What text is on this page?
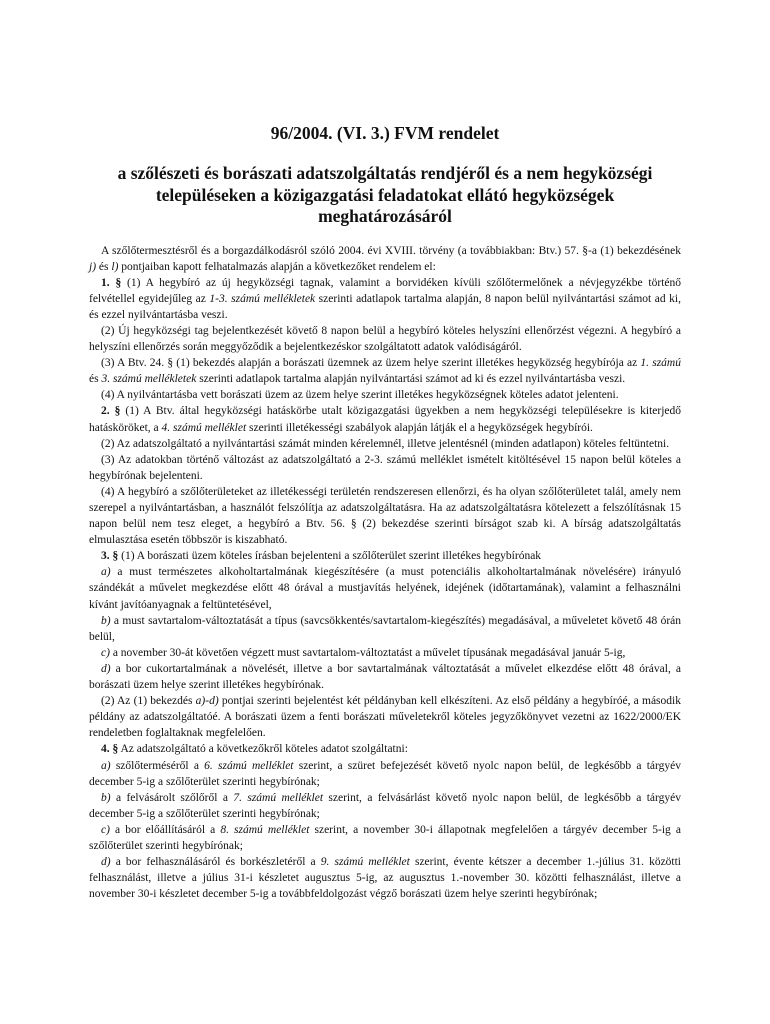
96/2004. (VI. 3.) FVM rendelet
a szőlészeti és borászati adatszolgáltatás rendjéről és a nem hegyközségi településeken a közigazgatási feladatokat ellátó hegyközségek meghatározásáról

A szőlőtermesztésről és a borgazdálkodásról szóló 2004. évi XVIII. törvény (a továbbiakban: Btv.) 57. §-a (1) bekezdésének j) és l) pontjaiban kapott felhatalmazás alapján a következőket rendelem el:

1. § (1) A hegybíró az új hegyközségi tagnak, valamint a borvidéken kívüli szőlőtermelőnek a névjegyzékbe történő felvétellel egyidejűleg az 1-3. számú mellékletek szerinti adatlapok tartalma alapján, 8 napon belül nyilvántartási számot ad ki, és ezzel nyilvántartásba veszi.

(2) Új hegyközségi tag bejelentkezését követő 8 napon belül a hegybíró köteles helyszíni ellenőrzést végezni. A hegybíró a helyszíni ellenőrzés során meggyőződik a bejelentkezéskor szolgáltatott adatok valódiságáról.

(3) A Btv. 24. § (1) bekezdés alapján a borászati üzemnek az üzem helye szerint illetékes hegyközség hegybírója az 1. számú és 3. számú mellékletek szerinti adatlapok tartalma alapján nyilvántartási számot ad ki és ezzel nyilvántartásba veszi.

(4) A nyilvántartásba vett borászati üzem az üzem helye szerint illetékes hegyközségnek köteles adatot jelenteni.

2. § (1) A Btv. által hegyközségi hatáskörbe utalt közigazgatási ügyekben a nem hegyközségi településekre is kiterjedő hatásköröket, a 4. számú melléklet szerinti illetékességi szabályok alapján látják el a hegyközségek hegybírói.

(2) Az adatszolgáltató a nyilvántartási számát minden kérelemnél, illetve jelentésnél (minden adatlapon) köteles feltüntetni.

(3) Az adatokban történő változást az adatszolgáltató a 2-3. számú melléklet ismételt kitöltésével 15 napon belül köteles a hegybírónak bejelenteni.

(4) A hegybíró a szőlőterületeket az illetékességi területén rendszeresen ellenőrzi, és ha olyan szőlőterületet talál, amely nem szerepel a nyilvántartásban, a használót felszólítja az adatszolgáltatásra. Ha az adatszolgáltatásra kötelezett a felszólításnak 15 napon belül nem tesz eleget, a hegybíró a Btv. 56. § (2) bekezdése szerinti bírságot szab ki. A bírság adatszolgáltatás elmulasztása esetén többször is kiszabható.

3. § (1) A borászati üzem köteles írásban bejelenteni a szőlőterület szerint illetékes hegybírónak

a) a must természetes alkoholtartalmának kiegészítésére (a must potenciális alkoholtartalmának növelésére) irányuló szándékát a művelet megkezdése előtt 48 órával a mustjavítás helyének, idejének (időtartamának), valamint a felhasználni kívánt javítóanyagnak a feltüntetésével,

b) a must savtartalom-változtatását a típus (savcsökkentés/savtartalom-kiegészítés) megadásával, a műveletet követő 48 órán belül,

c) a november 30-át követően végzett must savtartalom-változtatást a művelet típusának megadásával január 5-ig,

d) a bor cukortartalmának a növelését, illetve a bor savtartalmának változtatását a művelet elkezdése előtt 48 órával, a borászati üzem helye szerint illetékes hegybírónak.

(2) Az (1) bekezdés a)-d) pontjai szerinti bejelentést két példányban kell elkészíteni. Az első példány a hegybíróé, a második példány az adatszolgáltatóé. A borászati üzem a fenti borászati műveletekről köteles jegyzőkönyvet vezetni az 1622/2000/EK rendeletben foglaltaknak megfelelően.

4. § Az adatszolgáltató a következőkről köteles adatot szolgáltatni:

a) szőlőterméséről a 6. számú melléklet szerint, a szüret befejezését követő nyolc napon belül, de legkésőbb a tárgyév december 5-ig a szőlőterület szerinti hegybírónak;

b) a felvásárolt szőlőről a 7. számú melléklet szerint, a felvásárlást követő nyolc napon belül, de legkésőbb a tárgyév december 5-ig a szőlőterület szerinti hegybírónak;

c) a bor előállításáról a 8. számú melléklet szerint, a november 30-i állapotnak megfelelően a tárgyév december 5-ig a szőlőterület szerinti hegybírónak;

d) a bor felhasználásáról és borkészletéről a 9. számú melléklet szerint, évente kétszer a december 1.-július 31. közötti felhasználást, illetve a július 31-i készletet augusztus 5-ig, az augusztus 1.-november 30. közötti felhasználást, illetve a november 30-i készletet december 5-ig a továbbfeldolgozást végző borászati üzem helye szerinti hegybírónak;
